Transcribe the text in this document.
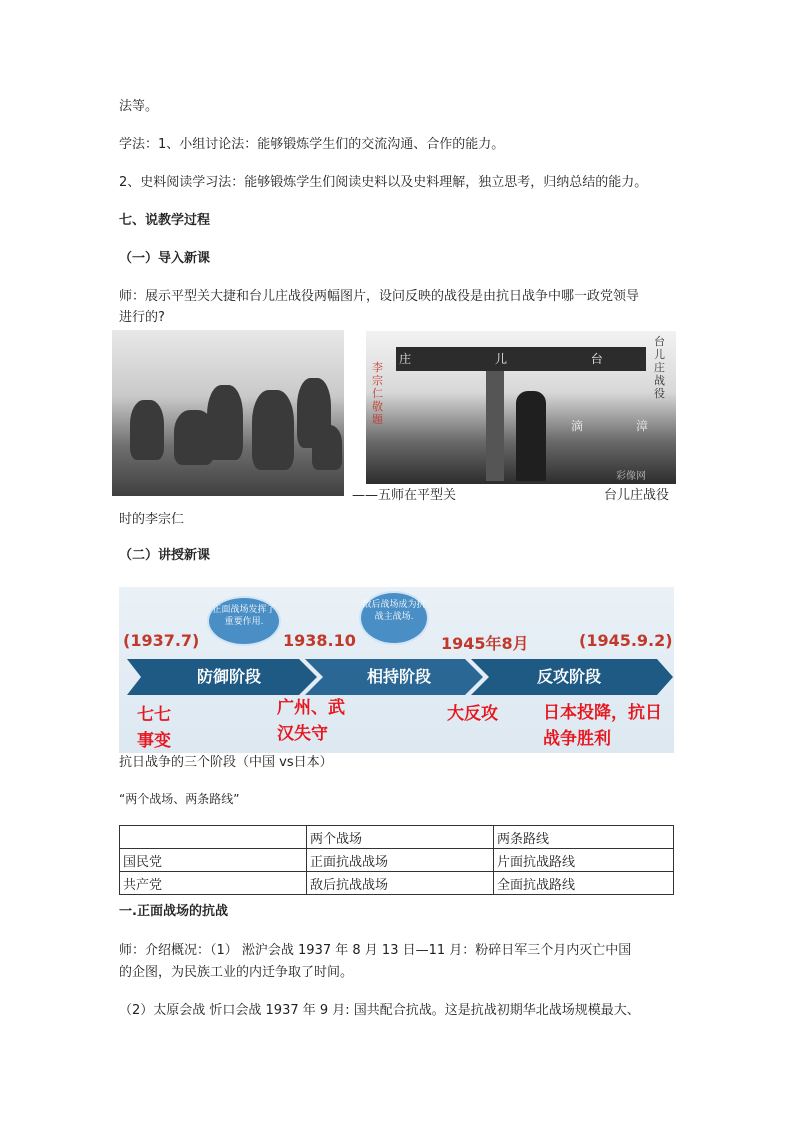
法等。

学法：1、小组讨论法：能够锻炼学生们的交流沟通、合作的能力。

2、史料阅读学习法：能够锻炼学生们阅读史料以及史料理解，独立思考，归纳总结的能力。

七、说教学过程

（一）导入新课

师：展示平型关大捷和台儿庄战役两幅图片，设问反映的战役是由抗日战争中哪一政党领导

进行的?

庄 儿 台
李宗仁敬題
台儿庄战役
滴	漳
彩像网

——五师在平型关	台儿庄战役

时的李宗仁

（二）讲授新课

正面战场发挥了重要作用.
敌后战场成为抗战主战场.
(1937.7)	1938.10	1945年8月	(1945.9.2)
防御阶段	相持阶段	反攻阶段
七七事变
广州、武汉失守
大反攻	日本投降，抗日战争胜利

抗日战争的三个阶段（中国 vs日本）

“两个战场、两条路线”

	两个战场	两条路线
国民党	正面抗战战场	片面抗战路线
共产党	敌后抗战战场	全面抗战路线

一.正面战场的抗战

师：介绍概况：（1） 淞沪会战 1937 年 8 月 13 日—11 月：粉碎日军三个月内灭亡中国

的企图，为民族工业的内迁争取了时间。

（2）太原会战 忻口会战 1937 年 9 月: 国共配合抗战。这是抗战初期华北战场规模最大、
